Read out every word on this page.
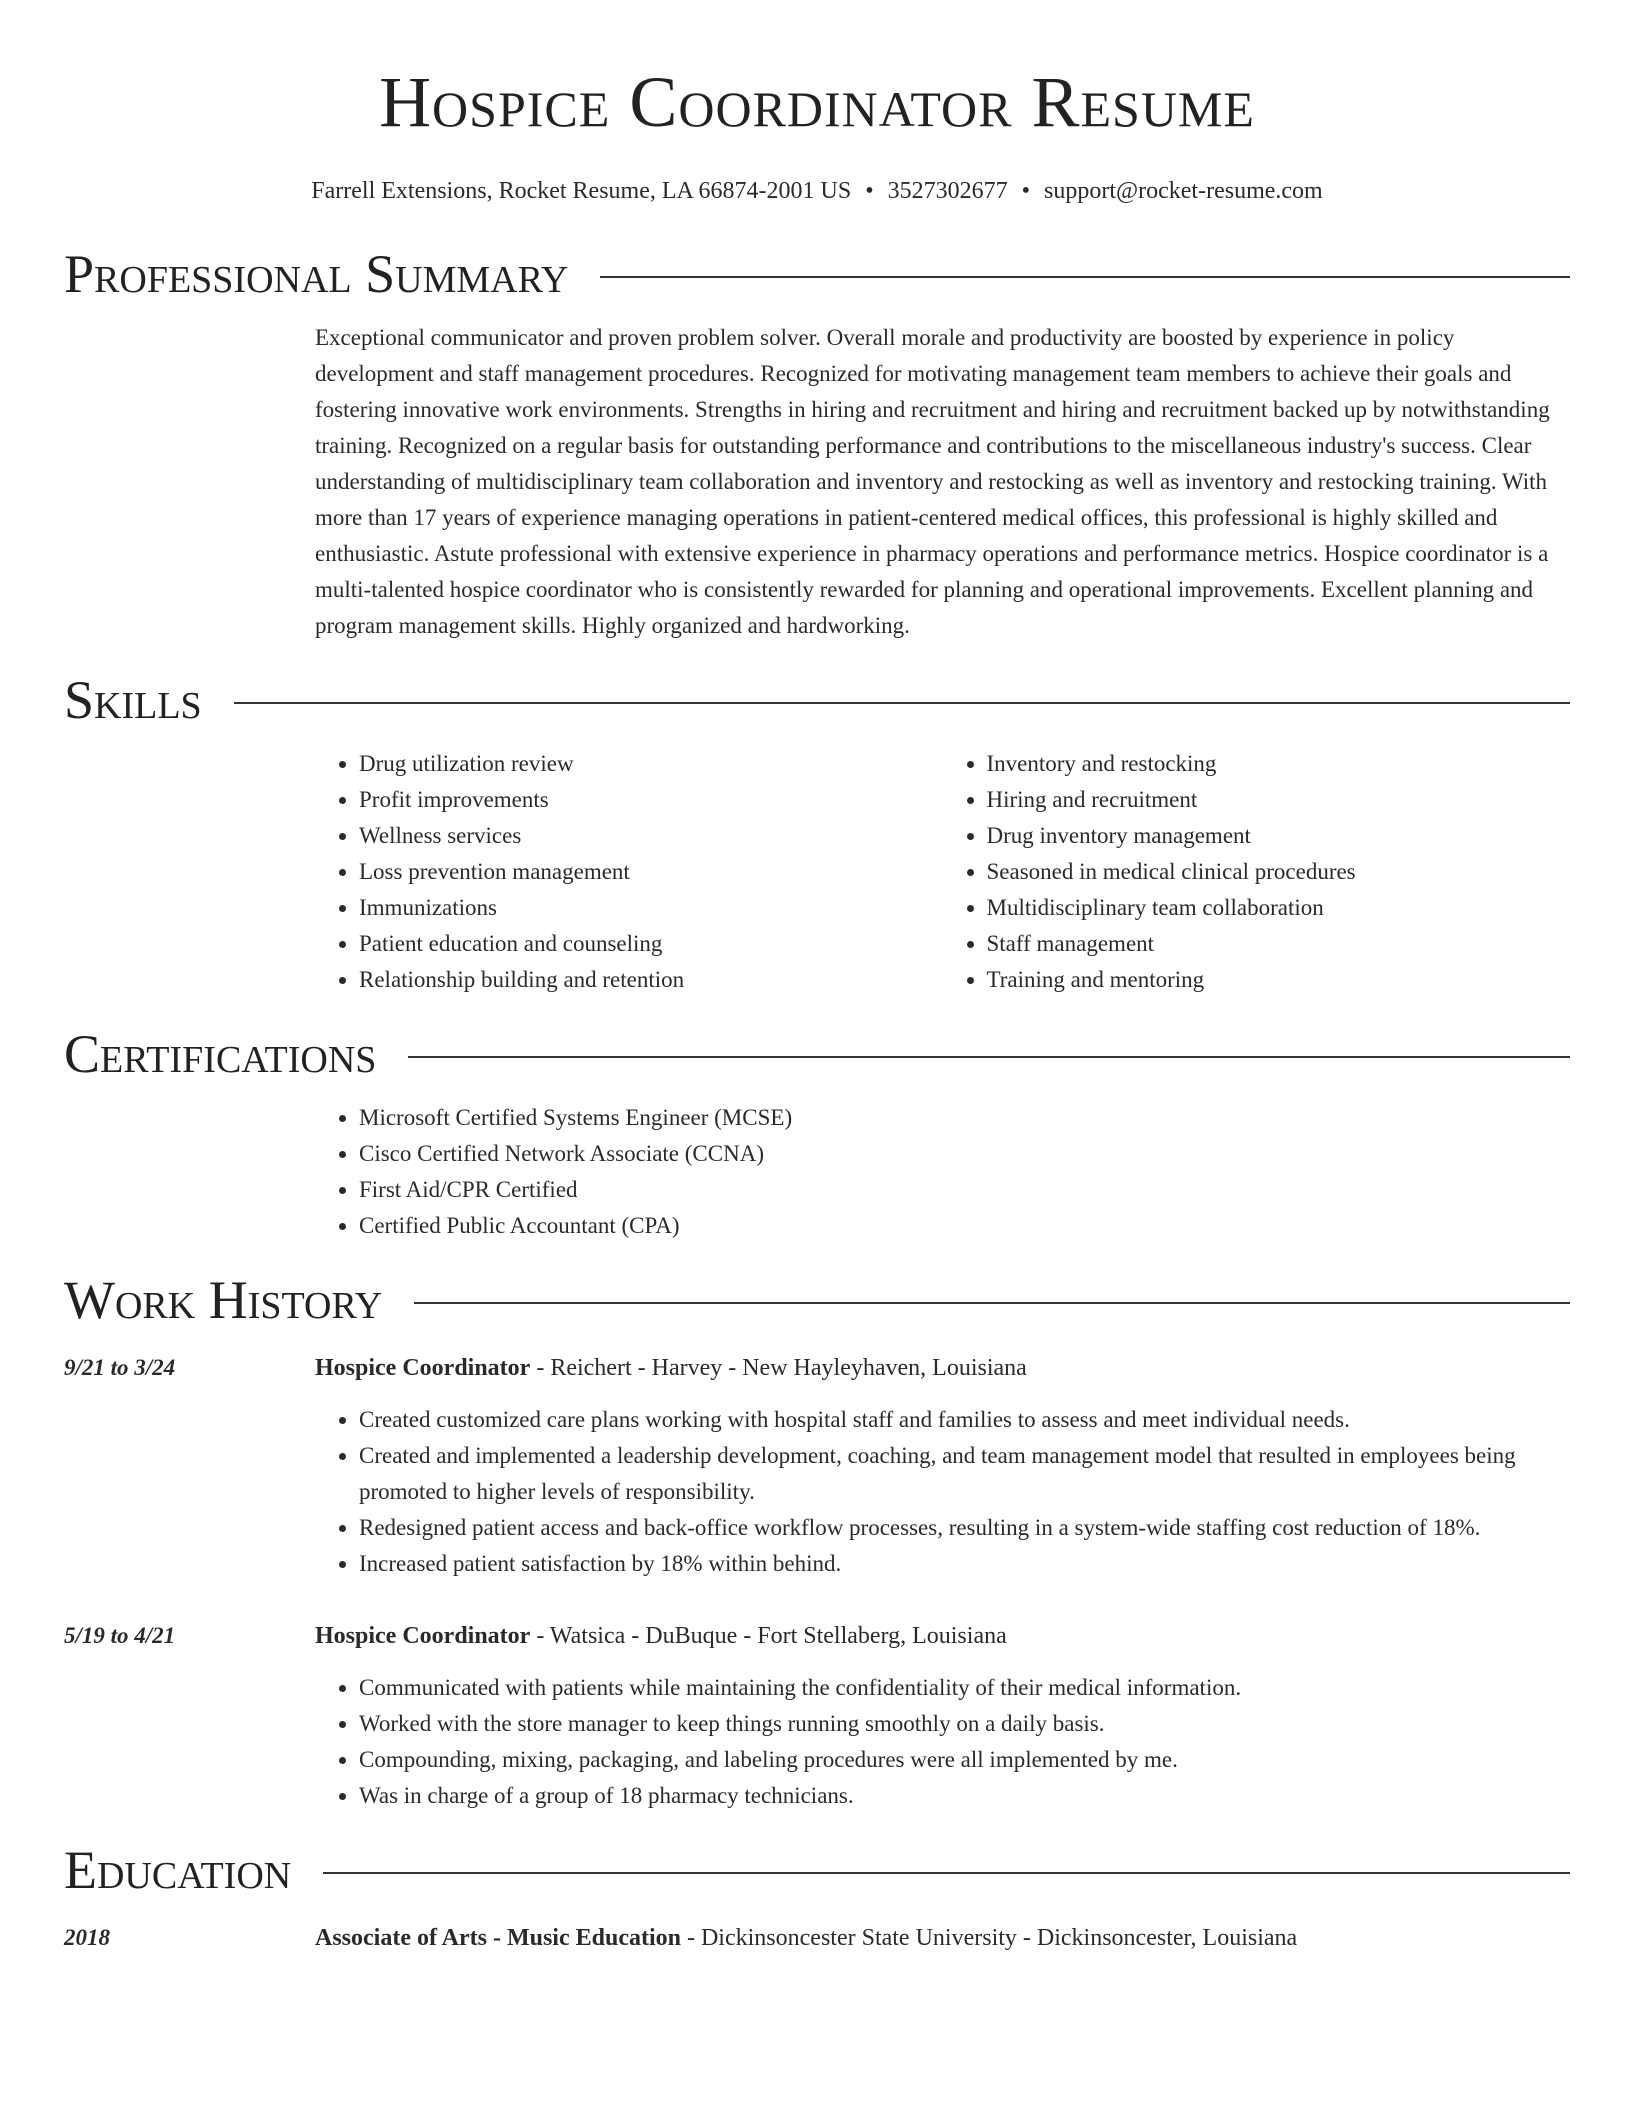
Hospice Coordinator Resume
Farrell Extensions, Rocket Resume, LA 66874-2001 US • 3527302677 • support@rocket-resume.com
Professional Summary
Exceptional communicator and proven problem solver. Overall morale and productivity are boosted by experience in policy development and staff management procedures. Recognized for motivating management team members to achieve their goals and fostering innovative work environments. Strengths in hiring and recruitment and hiring and recruitment backed up by notwithstanding training. Recognized on a regular basis for outstanding performance and contributions to the miscellaneous industry's success. Clear understanding of multidisciplinary team collaboration and inventory and restocking as well as inventory and restocking training. With more than 17 years of experience managing operations in patient-centered medical offices, this professional is highly skilled and enthusiastic. Astute professional with extensive experience in pharmacy operations and performance metrics. Hospice coordinator is a multi-talented hospice coordinator who is consistently rewarded for planning and operational improvements. Excellent planning and program management skills. Highly organized and hardworking.
Skills
• Drug utilization review
• Profit improvements
• Wellness services
• Loss prevention management
• Immunizations
• Patient education and counseling
• Relationship building and retention
• Inventory and restocking
• Hiring and recruitment
• Drug inventory management
• Seasoned in medical clinical procedures
• Multidisciplinary team collaboration
• Staff management
• Training and mentoring
Certifications
• Microsoft Certified Systems Engineer (MCSE)
• Cisco Certified Network Associate (CCNA)
• First Aid/CPR Certified
• Certified Public Accountant (CPA)
Work History
9/21 to 3/24	Hospice Coordinator - Reichert - Harvey - New Hayleyhaven, Louisiana
• Created customized care plans working with hospital staff and families to assess and meet individual needs.
• Created and implemented a leadership development, coaching, and team management model that resulted in employees being promoted to higher levels of responsibility.
• Redesigned patient access and back-office workflow processes, resulting in a system-wide staffing cost reduction of 18%.
• Increased patient satisfaction by 18% within behind.
5/19 to 4/21	Hospice Coordinator - Watsica - DuBuque - Fort Stellaberg, Louisiana
• Communicated with patients while maintaining the confidentiality of their medical information.
• Worked with the store manager to keep things running smoothly on a daily basis.
• Compounding, mixing, packaging, and labeling procedures were all implemented by me.
• Was in charge of a group of 18 pharmacy technicians.
Education
2018	Associate of Arts - Music Education - Dickinsoncester State University - Dickinsoncester, Louisiana
